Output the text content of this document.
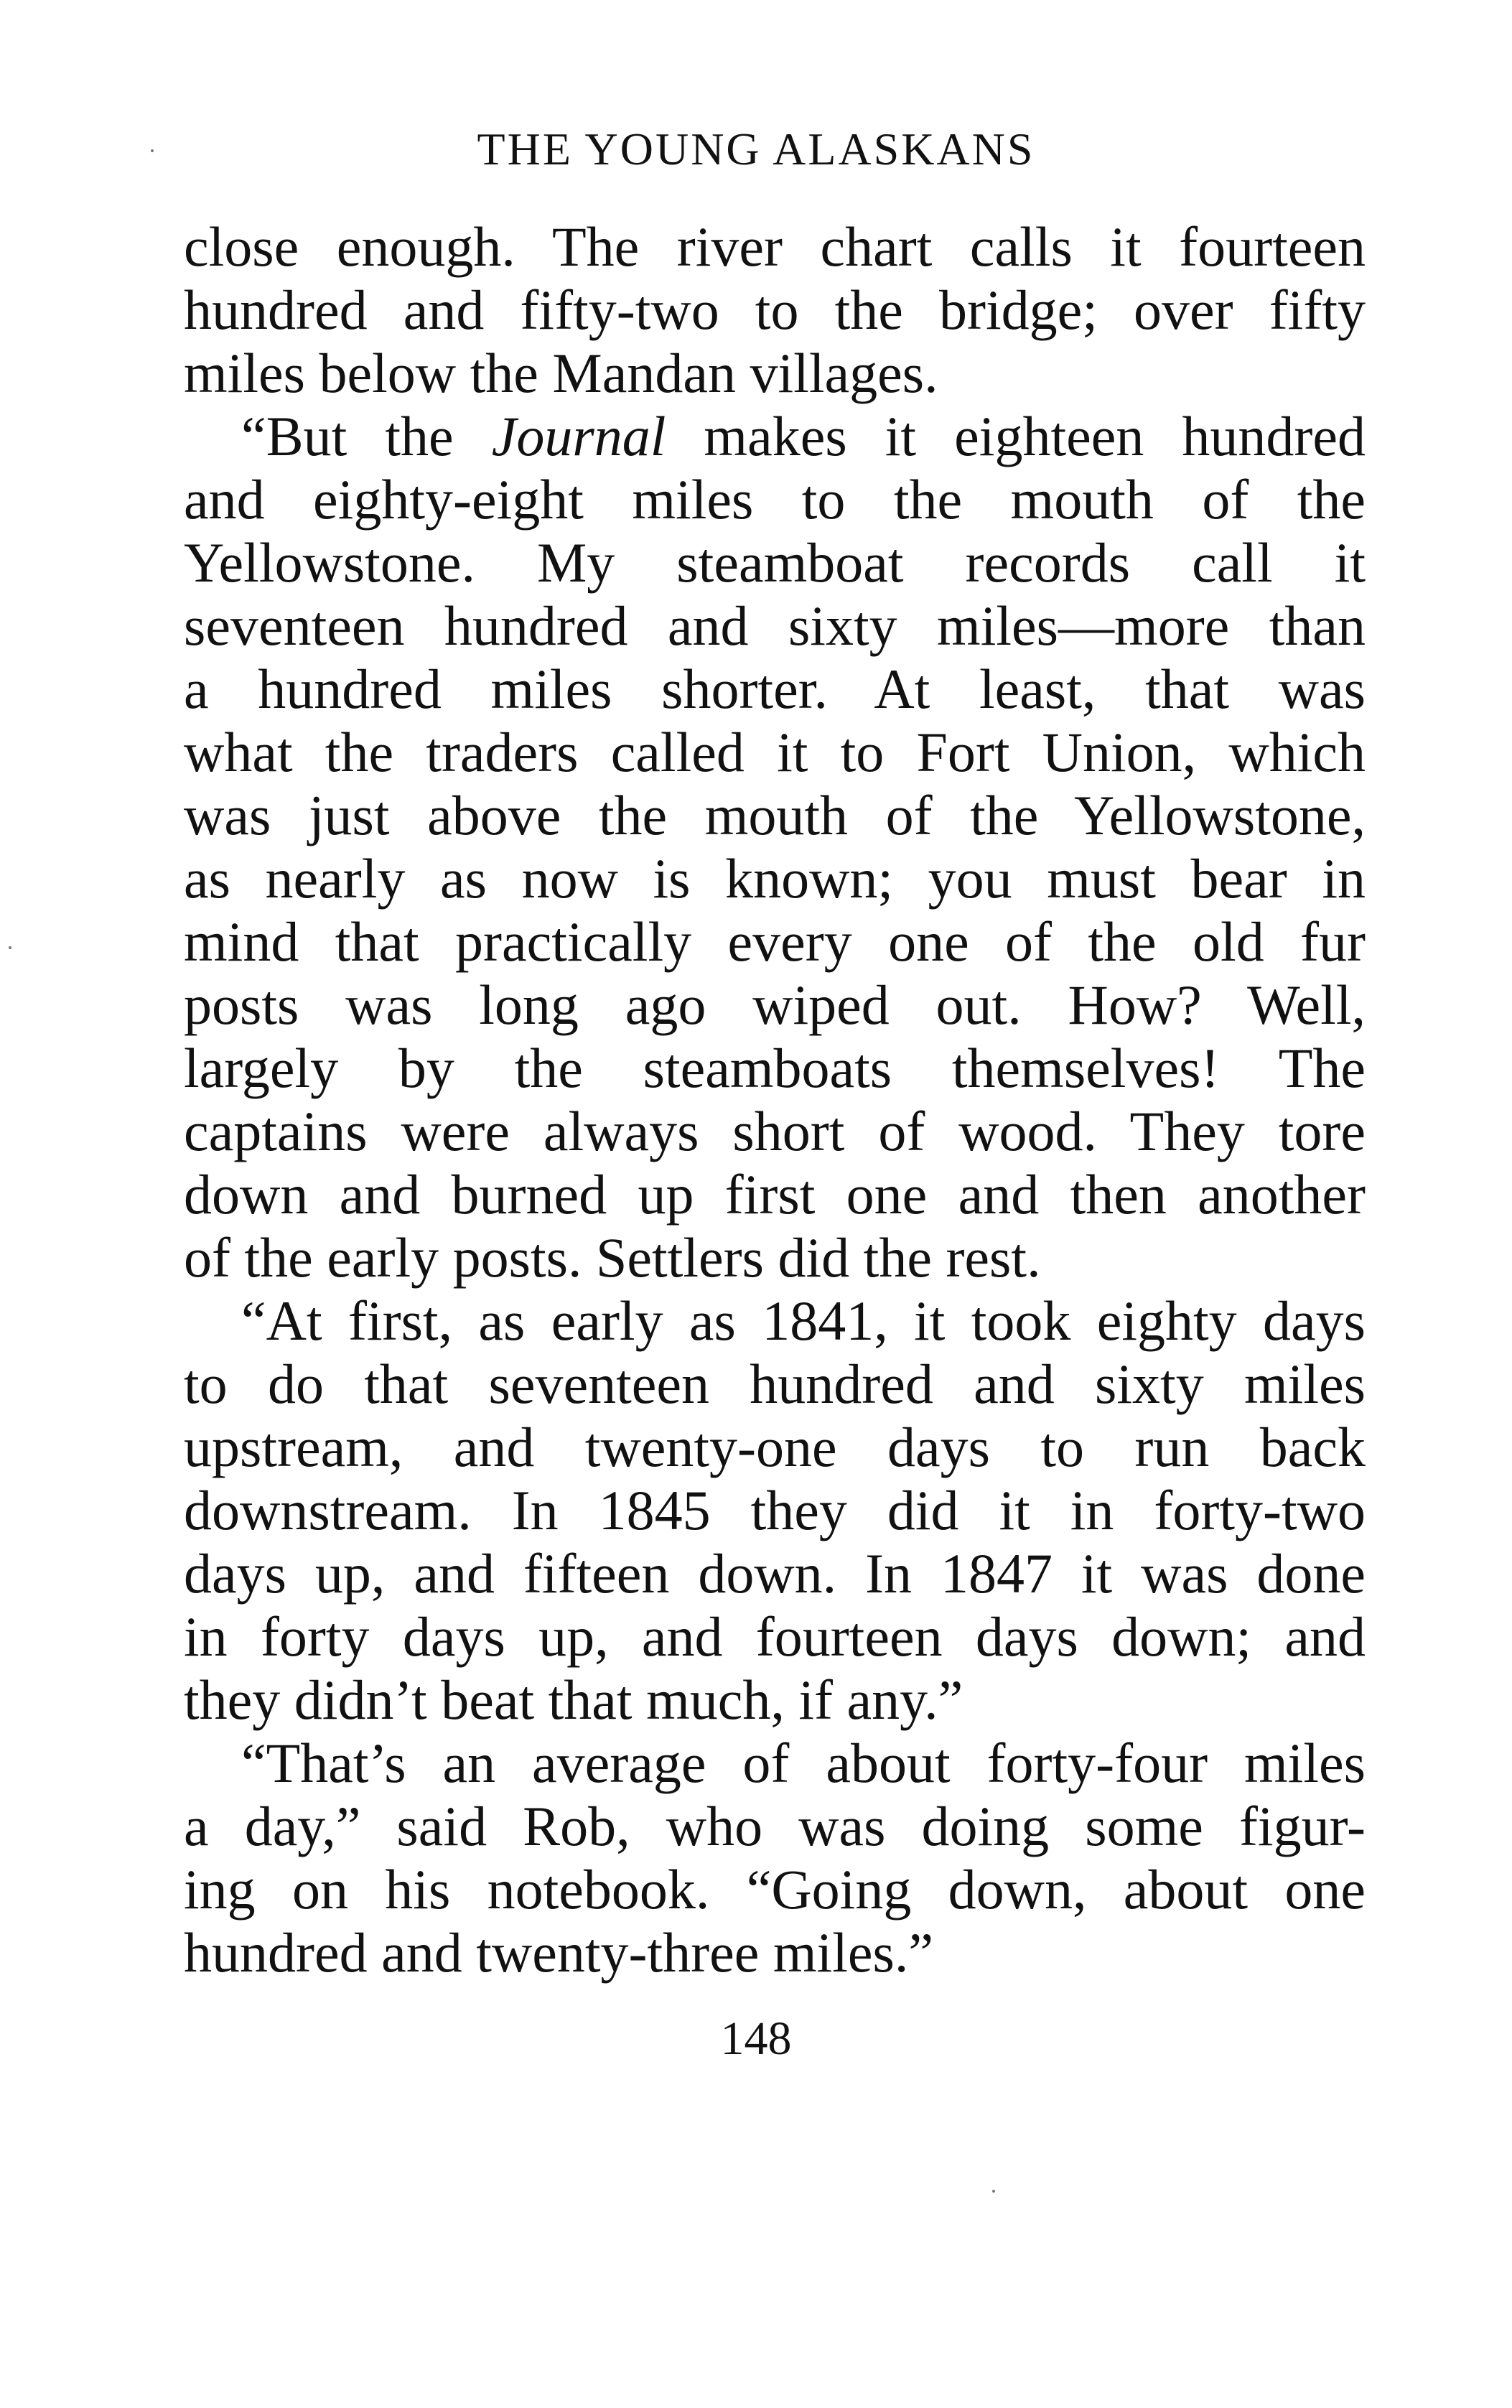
THE YOUNG ALASKANS
close enough. The river chart calls it fourteen
hundred and fifty-two to the bridge; over fifty
miles below the Mandan villages.
“But the Journal makes it eighteen hundred
and eighty-eight miles to the mouth of the
Yellowstone. My steamboat records call it
seventeen hundred and sixty miles—more than
a hundred miles shorter. At least, that was
what the traders called it to Fort Union, which
was just above the mouth of the Yellowstone,
as nearly as now is known; you must bear in
mind that practically every one of the old fur
posts was long ago wiped out. How? Well,
largely by the steamboats themselves! The
captains were always short of wood. They tore
down and burned up first one and then another
of the early posts. Settlers did the rest.
“At first, as early as 1841, it took eighty days
to do that seventeen hundred and sixty miles
upstream, and twenty-one days to run back
downstream. In 1845 they did it in forty-two
days up, and fifteen down. In 1847 it was done
in forty days up, and fourteen days down; and
they didn’t beat that much, if any.”
“That’s an average of about forty-four miles
a day,” said Rob, who was doing some figur-
ing on his notebook. “Going down, about one
hundred and twenty-three miles.”
148
